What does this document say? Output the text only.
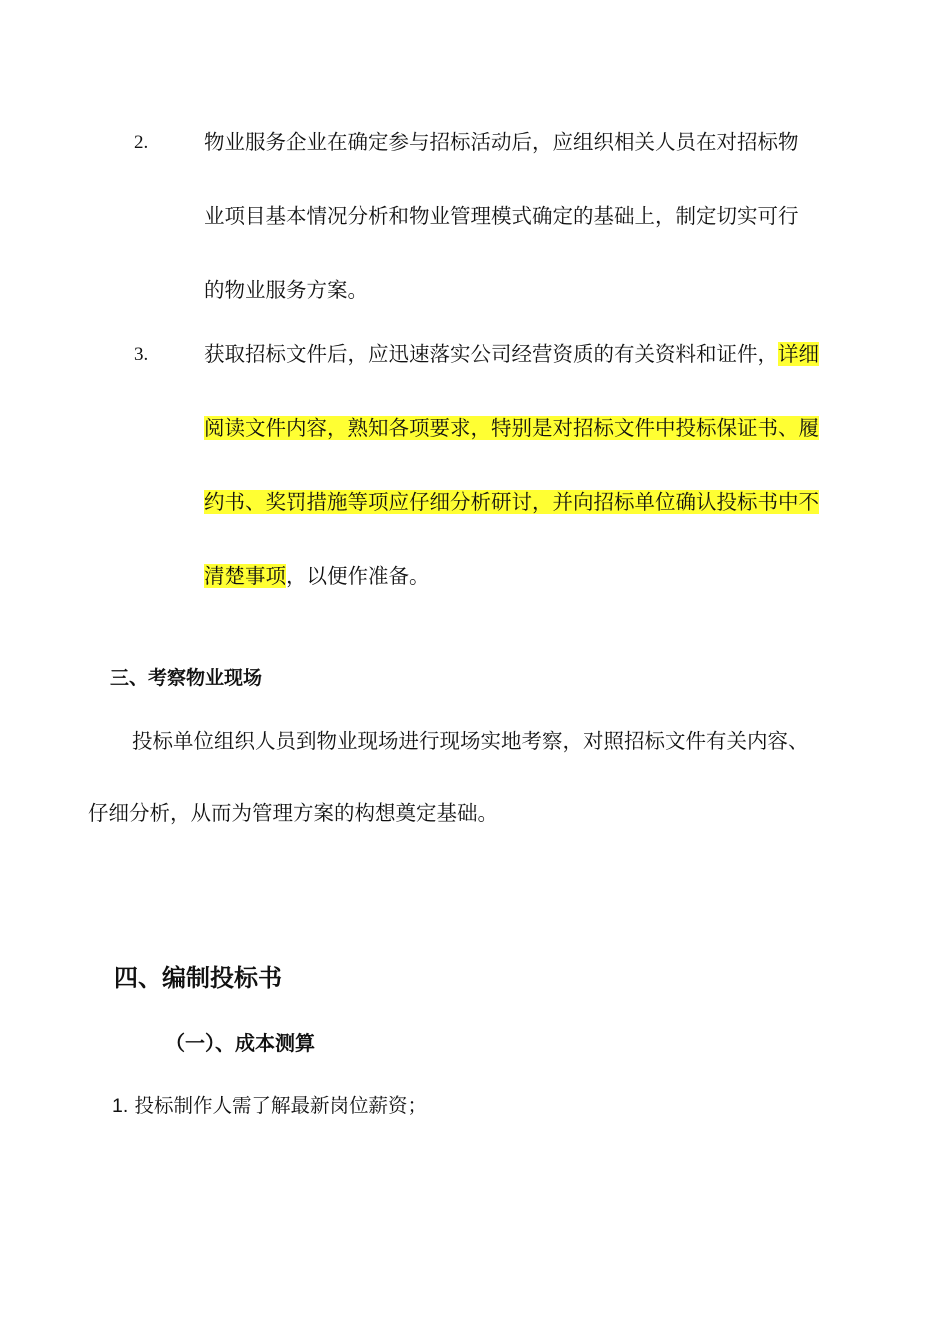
2.	物业服务企业在确定参与招标活动后，应组织相关人员在对招标物
业项目基本情况分析和物业管理模式确定的基础上，制定切实可行
的物业服务方案。
3.	获取招标文件后，应迅速落实公司经营资质的有关资料和证件，详细
阅读文件内容，熟知各项要求，特别是对招标文件中投标保证书、履
约书、奖罚措施等项应仔细分析研讨，并向招标单位确认投标书中不
清楚事项，以便作准备。
三、考察物业现场
投标单位组织人员到物业现场进行现场实地考察，对照招标文件有关内容、
仔细分析，从而为管理方案的构想奠定基础。
四、编制投标书
（一）、成本测算
1. 投标制作人需了解最新岗位薪资；
